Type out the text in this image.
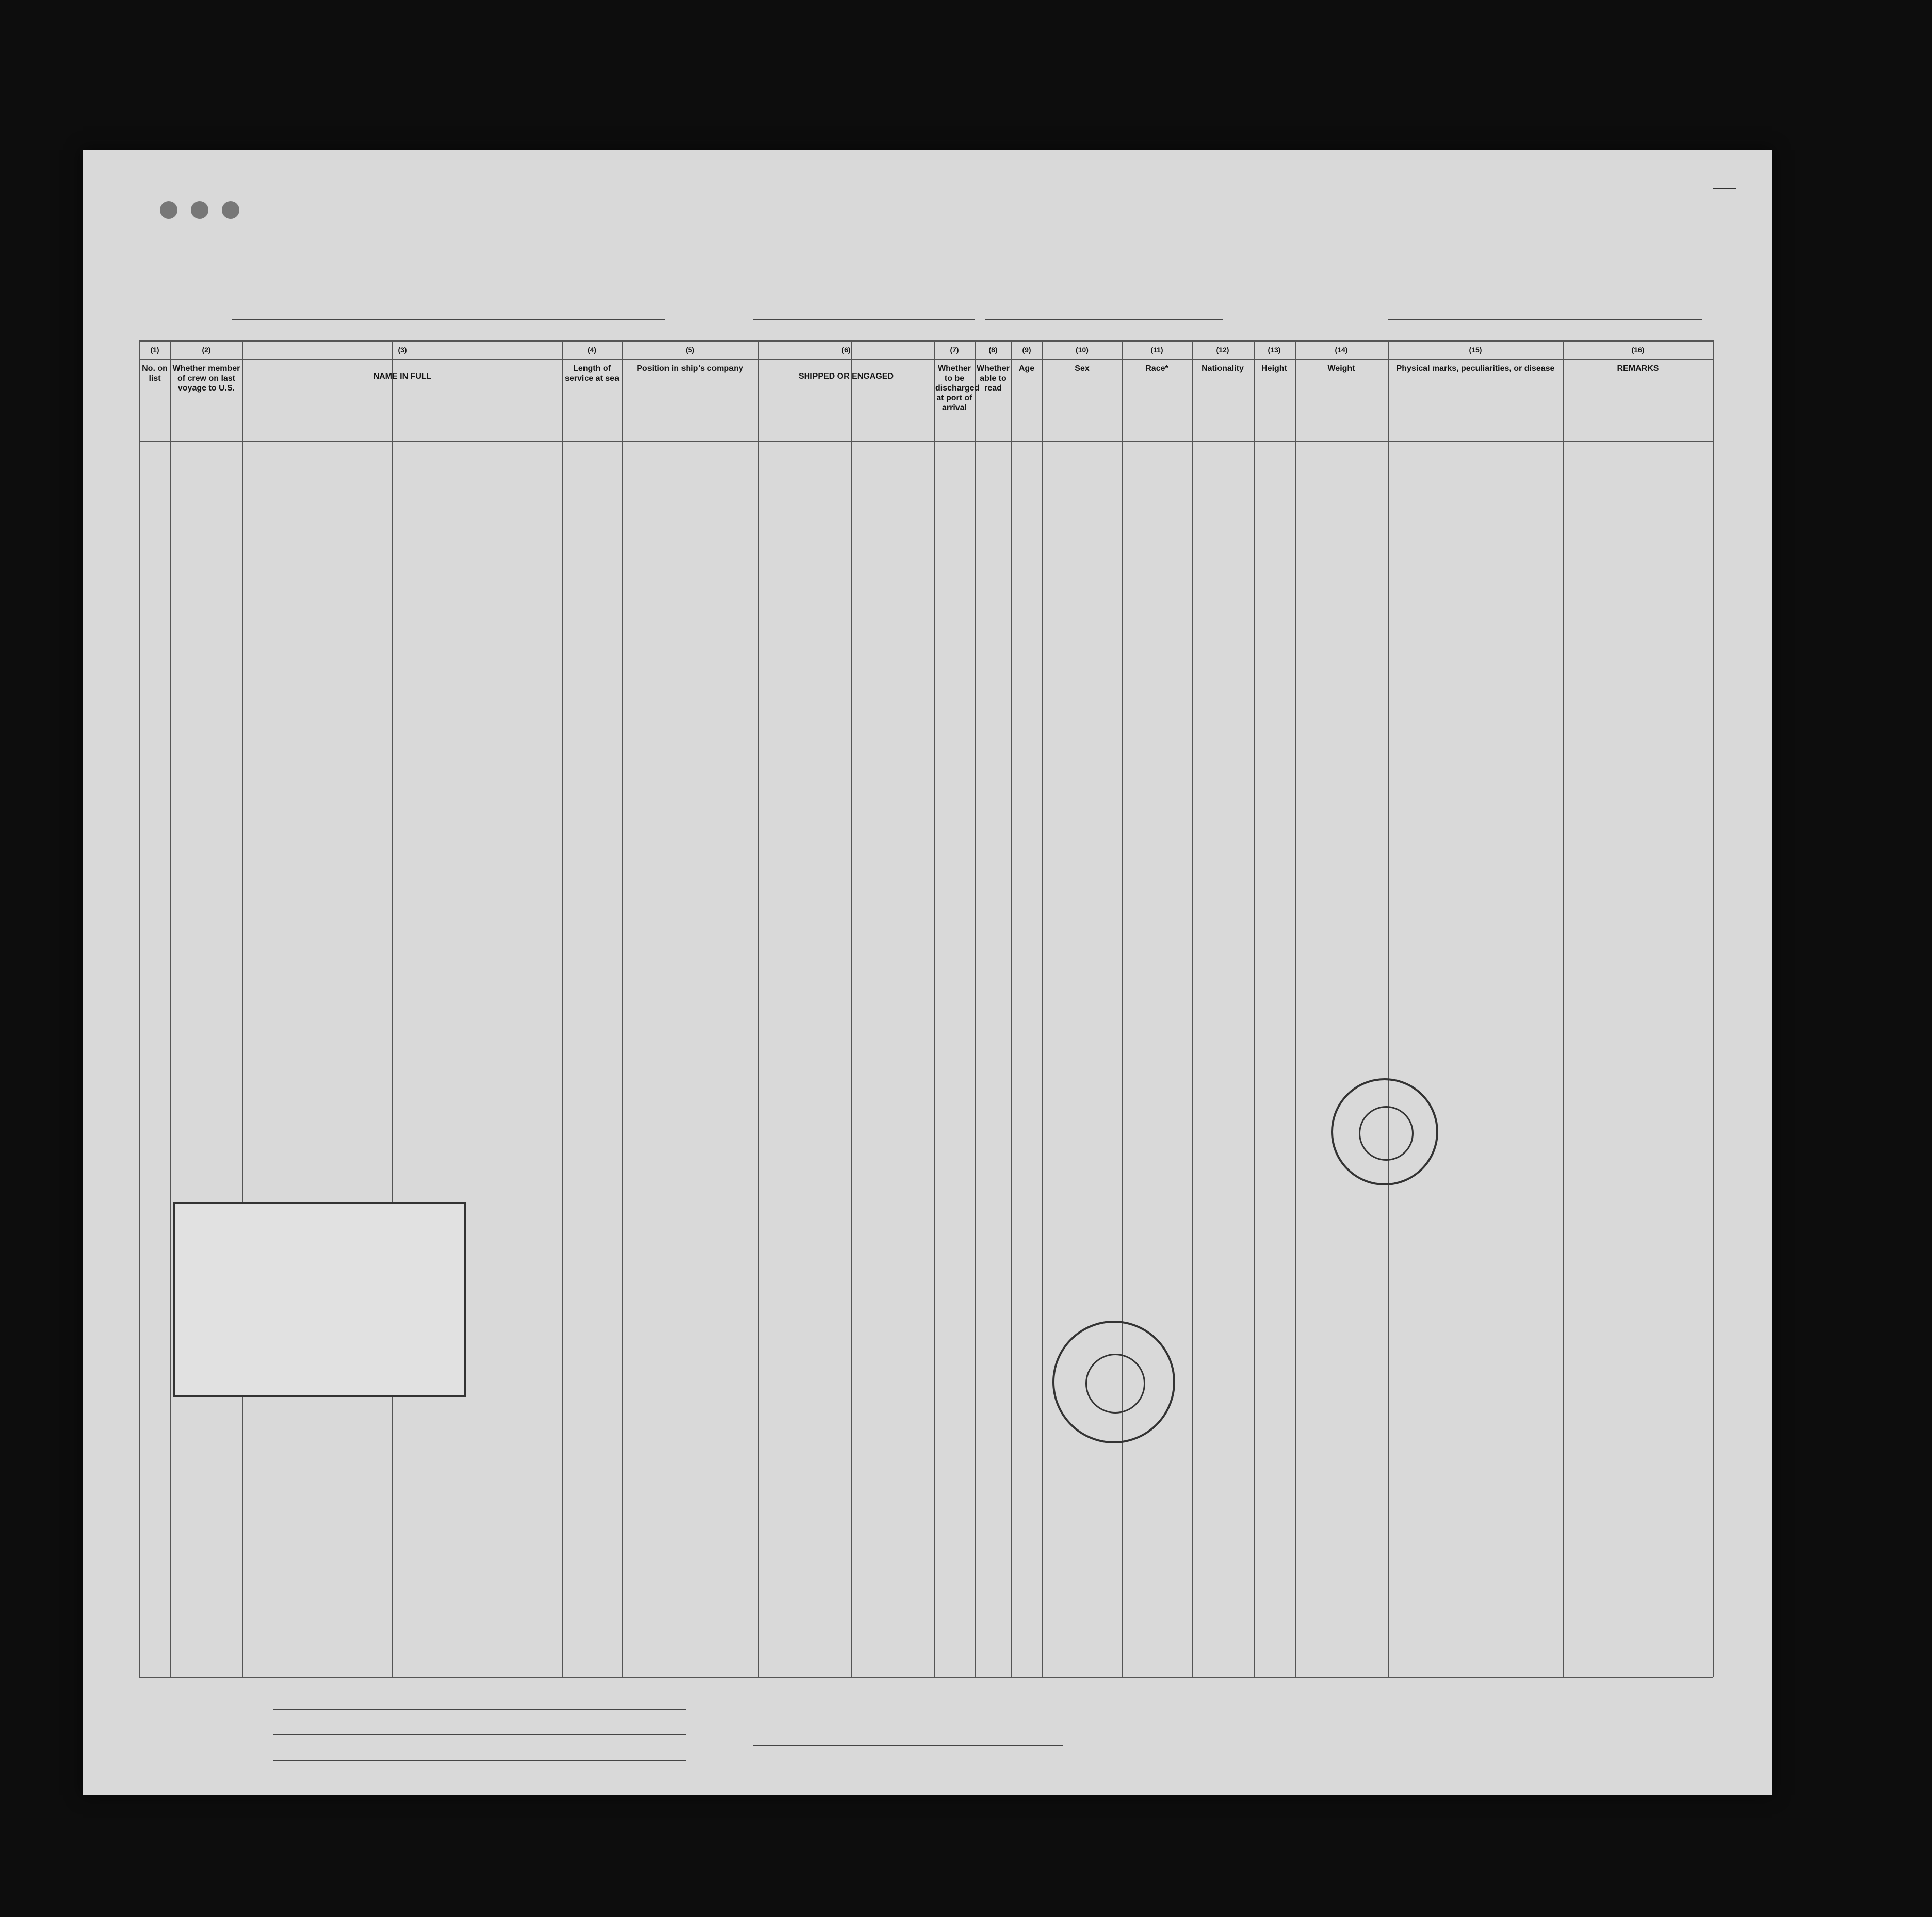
(1)
No. on list
(2)
Whether member of crew on last voyage to U.S.
(3)
NAME IN FULL
(4)
Length of service at sea
(5)
Position in ship's company
(6)
SHIPPED OR ENGAGED
(7)
Whether to be discharged at port of arrival
(8)
Whether able to read
(9)
Age
(10)
Sex
(11)
Race*
(12)
Nationality
(13)
Height
(14)
Weight
(15)
Physical marks, peculiarities, or disease
(16)
REMARKS
